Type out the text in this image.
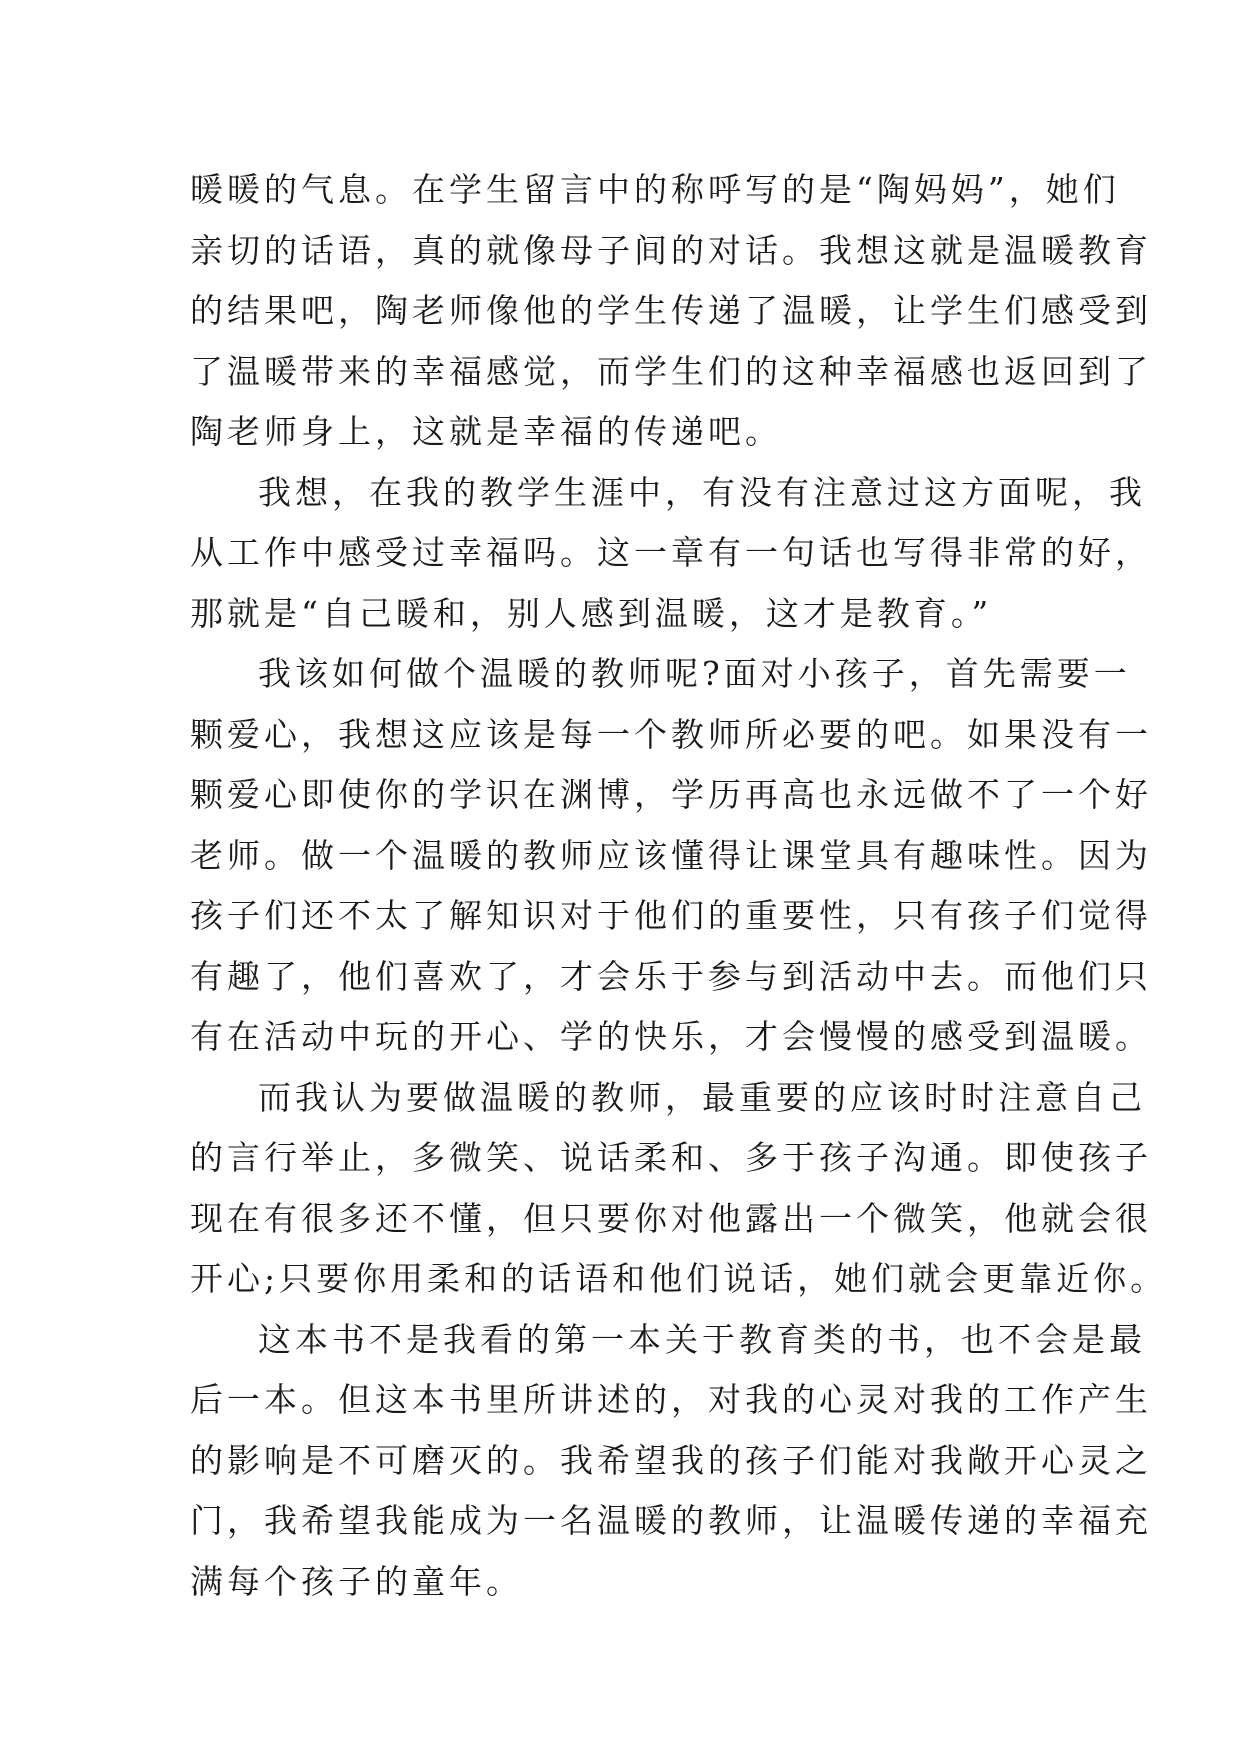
暖暖的气息。在学生留言中的称呼写的是“陶妈妈”，她们
亲切的话语，真的就像母子间的对话。我想这就是温暖教育
的结果吧，陶老师像他的学生传递了温暖，让学生们感受到
了温暖带来的幸福感觉，而学生们的这种幸福感也返回到了
陶老师身上，这就是幸福的传递吧。
我想，在我的教学生涯中，有没有注意过这方面呢，我
从工作中感受过幸福吗。这一章有一句话也写得非常的好，
那就是“自己暖和，别人感到温暖，这才是教育。”
我该如何做个温暖的教师呢?面对小孩子，首先需要一
颗爱心，我想这应该是每一个教师所必要的吧。如果没有一
颗爱心即使你的学识在渊博，学历再高也永远做不了一个好
老师。做一个温暖的教师应该懂得让课堂具有趣味性。因为
孩子们还不太了解知识对于他们的重要性，只有孩子们觉得
有趣了，他们喜欢了，才会乐于参与到活动中去。而他们只
有在活动中玩的开心、学的快乐，才会慢慢的感受到温暖。
而我认为要做温暖的教师，最重要的应该时时注意自己
的言行举止，多微笑、说话柔和、多于孩子沟通。即使孩子
现在有很多还不懂，但只要你对他露出一个微笑，他就会很
开心;只要你用柔和的话语和他们说话，她们就会更靠近你。
这本书不是我看的第一本关于教育类的书，也不会是最
后一本。但这本书里所讲述的，对我的心灵对我的工作产生
的影响是不可磨灭的。我希望我的孩子们能对我敞开心灵之
门，我希望我能成为一名温暖的教师，让温暖传递的幸福充
满每个孩子的童年。
